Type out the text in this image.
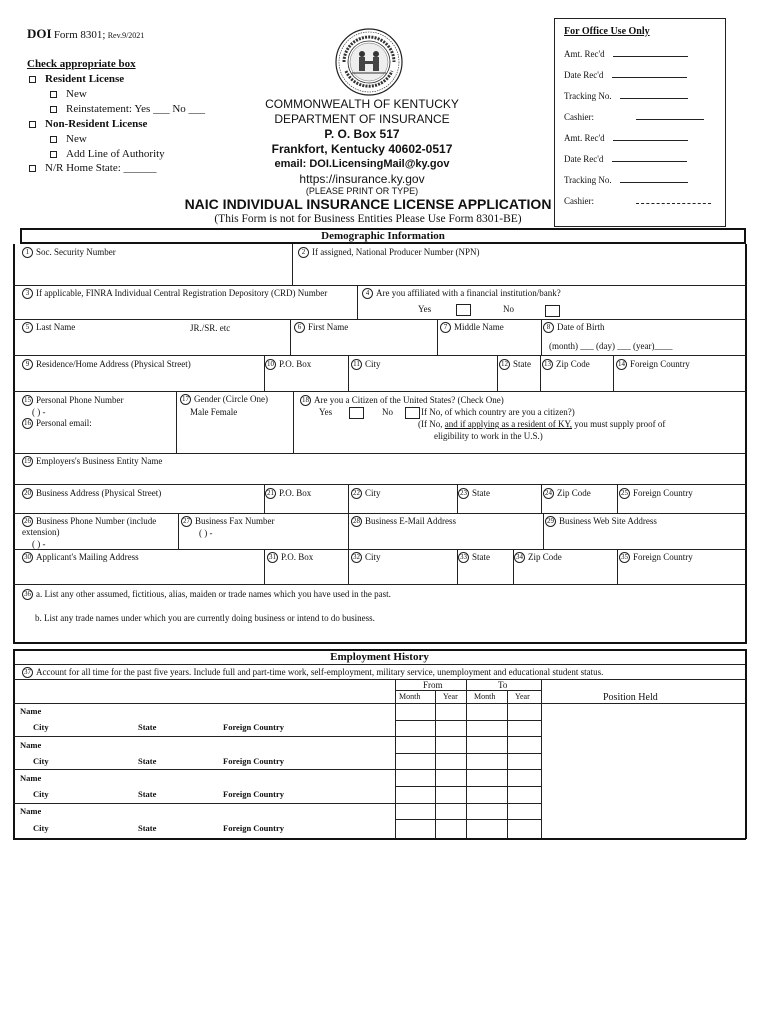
DOI Form 8301; Rev.9/2021
Check appropriate box
Resident License
New
Reinstatement: Yes ___ No ___
Non-Resident License
New
Add Line of Authority
N/R Home State: ______
COMMONWEALTH OF KENTUCKY
DEPARTMENT OF INSURANCE
P. O. Box 517
Frankfort, Kentucky 40602-0517
email: DOI.LicensingMail@ky.gov
https://insurance.ky.gov
(PLEASE PRINT OR TYPE)
NAIC INDIVIDUAL INSURANCE LICENSE APPLICATION
(This Form is not for Business Entities Please Use Form 8301-BE)
For Office Use Only
Amt. Rec'd
Date Rec'd
Tracking No.
Cashier:
Amt. Rec'd
Date Rec'd
Tracking No.
Cashier:
Demographic Information
1 Soc. Security Number	2 If assigned, National Producer Number (NPN)
3 If applicable, FINRA Individual Central Registration Depository (CRD) Number	4 Are you affiliated with a financial institution/bank?
Yes	No
5 Last Name	JR./SR. etc	6 First Name	7 Middle Name	8 Date of Birth
(month) ___ (day) ___ (year)____
9 Residence/Home Address (Physical Street)	10 P.O. Box	11 City	12 State 13 Zip Code	14 Foreign Country
15 Personal Phone Number
( ) -
16 Personal email:
17 Gender (Circle One)
Male Female
18 Are you a Citizen of the United States? (Check One)
Yes	No	If No, of which country are you a citizen?)
(If No, and if applying as a resident of KY, you must supply proof of
eligibility to work in the U.S.)
19 Employers's Business Entity Name
20 Business Address (Physical Street)	21 P.O. Box	22 City	23 State	24 Zip Code	25 Foreign Country
26 Business Phone Number (include extension)
( ) -
27 Business Fax Number
( ) -
28 Business E-Mail Address	29 Business Web Site Address
30 Applicant's Mailing Address	31 P.O. Box	32 City	33 State	34 Zip Code	35 Foreign Country
36 a. List any other assumed, fictitious, alias, maiden or trade names which you have used in the past.
b. List any trade names under which you are currently doing business or intend to do business.
Employment History
37 Account for all time for the past five years. Include full and part-time work, self-employment, military service, unemployment and educational student status.
From	To
Month	Year Month Year	Position Held
Name
City	State	Foreign Country
Name
City	State	Foreign Country
Name
City	State	Foreign Country
Name
City	State	Foreign Country
